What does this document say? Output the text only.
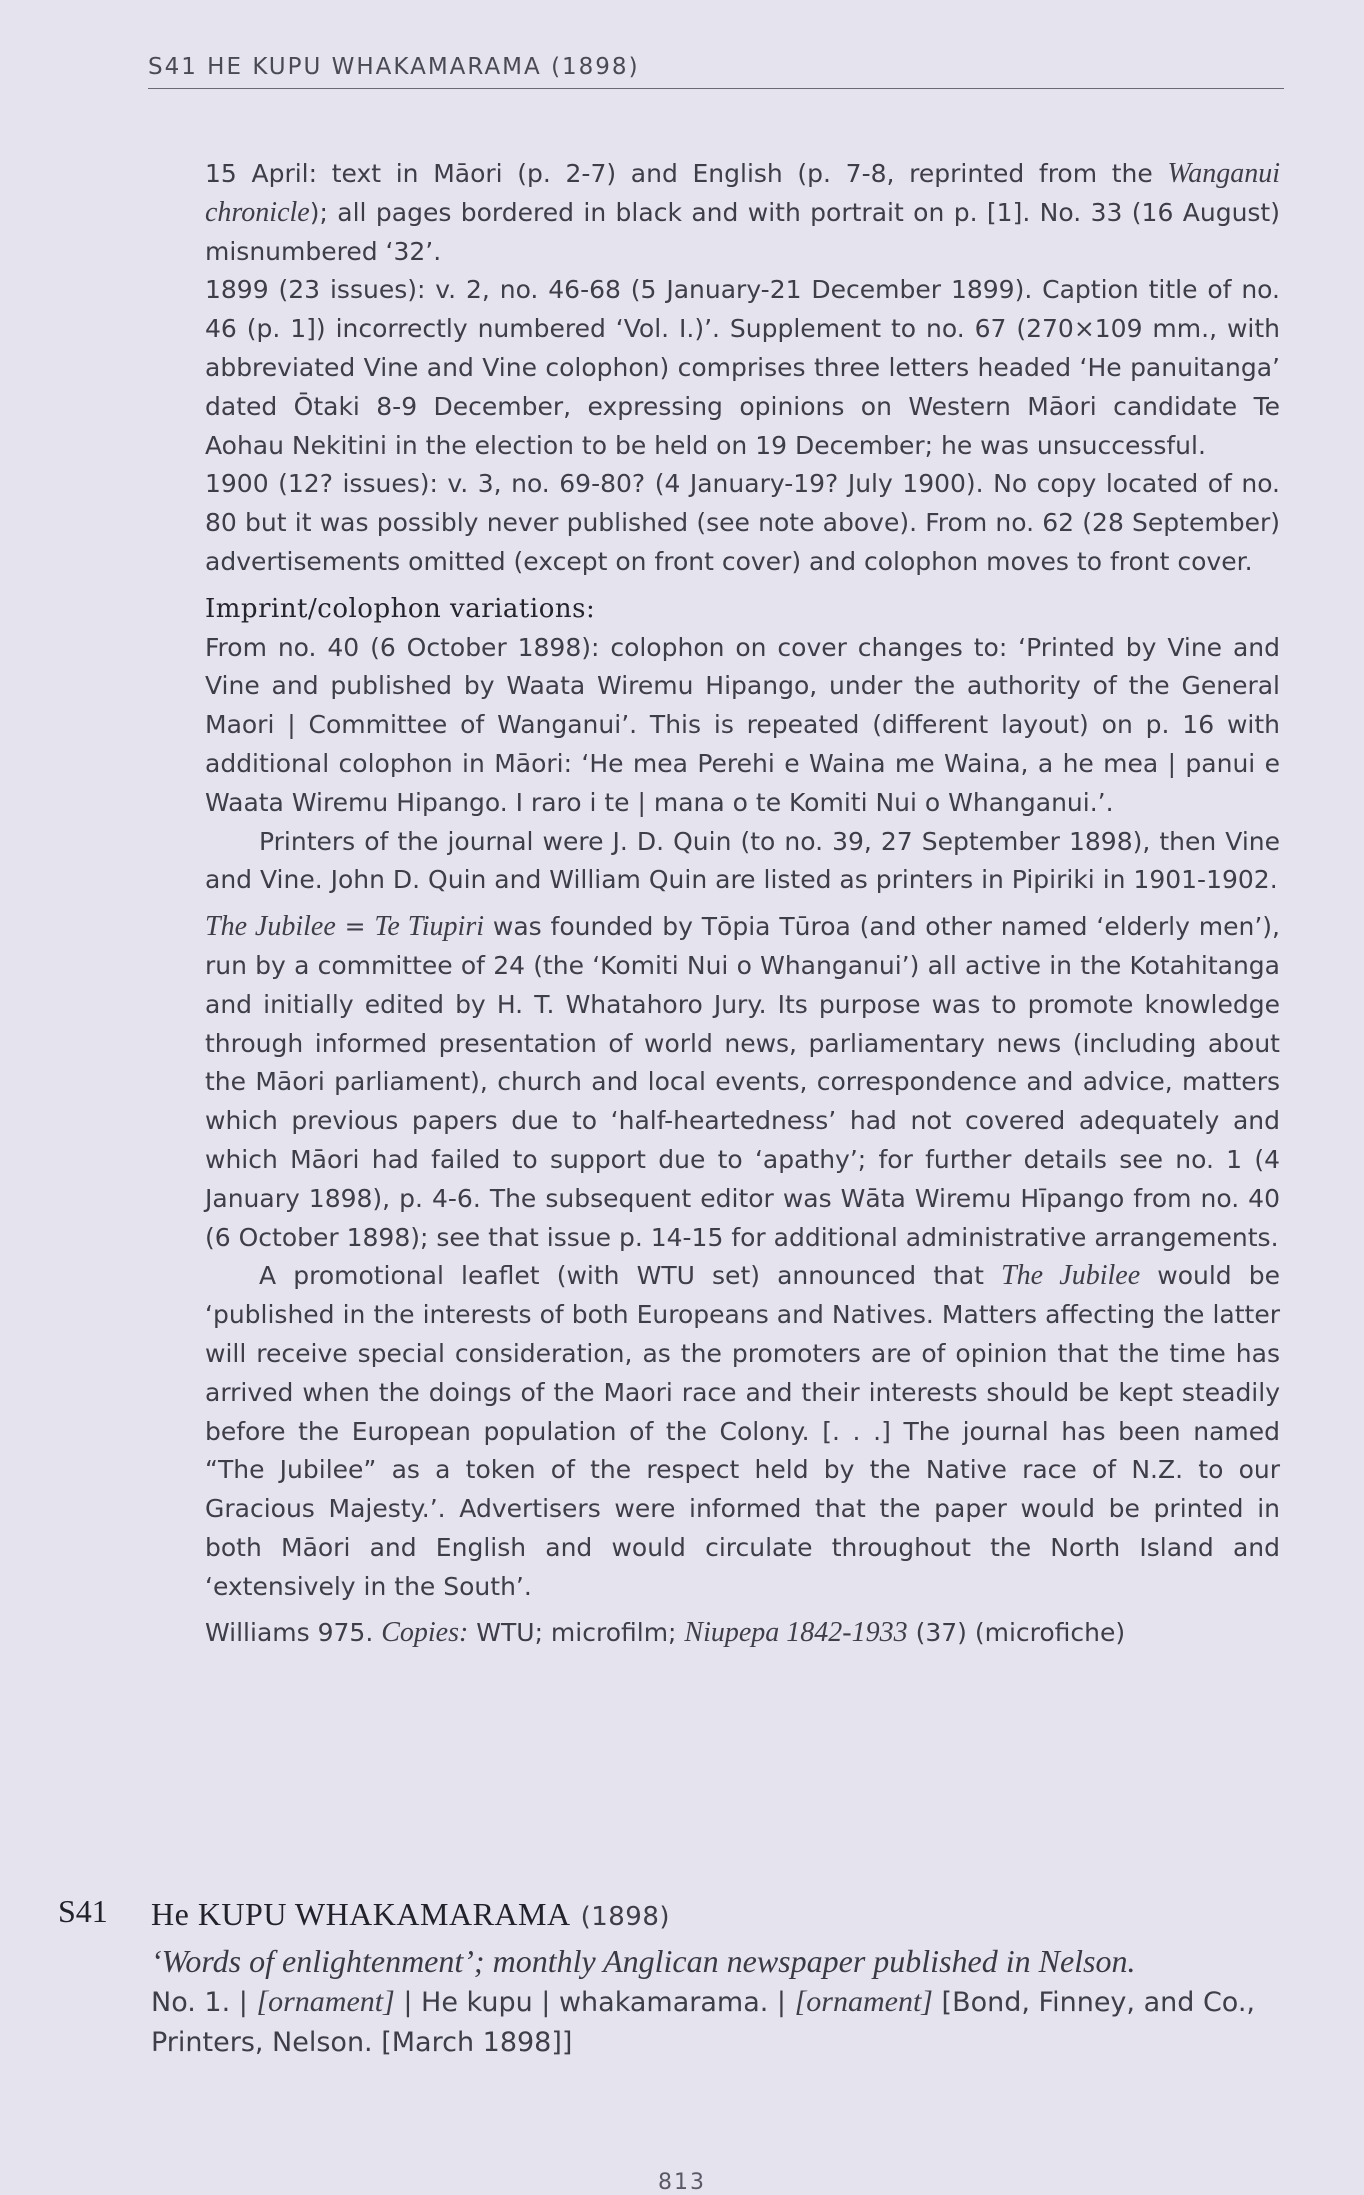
S41 HE KUPU WHAKAMARAMA (1898)

15 April: text in Māori (p. 2-7) and English (p. 7-8, reprinted from the Wanganui chronicle); all pages bordered in black and with portrait on p. [1]. No. 33 (16 August) misnumbered ‘32’.

1899 (23 issues): v. 2, no. 46-68 (5 January-21 December 1899). Caption title of no. 46 (p. 1]) incorrectly numbered ‘Vol. I.)’. Supplement to no. 67 (270×109 mm., with abbreviated Vine and Vine colophon) comprises three letters headed ‘He panuitanga’ dated Ōtaki 8-9 December, expressing opinions on Western Māori candidate Te Aohau Nekitini in the election to be held on 19 December; he was unsuccessful.

1900 (12? issues): v. 3, no. 69-80? (4 January-19? July 1900). No copy located of no. 80 but it was possibly never published (see note above). From no. 62 (28 September) advertisements omitted (except on front cover) and colophon moves to front cover.

Imprint/colophon variations:

From no. 40 (6 October 1898): colophon on cover changes to: ‘Printed by Vine and Vine and published by Waata Wiremu Hipango, under the authority of the General Maori | Committee of Wanganui’. This is repeated (different layout) on p. 16 with additional colophon in Māori: ‘He mea Perehi e Waina me Waina, a he mea | panui e Waata Wiremu Hipango. I raro i te | mana o te Komiti Nui o Whanganui.’.

Printers of the journal were J. D. Quin (to no. 39, 27 September 1898), then Vine and Vine. John D. Quin and William Quin are listed as printers in Pipiriki in 1901-1902.

The Jubilee = Te Tiupiri was founded by Tōpia Tūroa (and other named ‘elderly men’), run by a committee of 24 (the ‘Komiti Nui o Whanganui’) all active in the Kotahitanga and initially edited by H. T. Whatahoro Jury. Its purpose was to promote knowledge through informed presentation of world news, parliamentary news (including about the Māori parliament), church and local events, correspondence and advice, matters which previous papers due to ‘half-heartedness’ had not covered adequately and which Māori had failed to support due to ‘apathy’; for further details see no. 1 (4 January 1898), p. 4-6. The subsequent editor was Wāta Wiremu Hīpango from no. 40 (6 October 1898); see that issue p. 14-15 for additional administrative arrangements.

A promotional leaflet (with WTU set) announced that The Jubilee would be ‘published in the interests of both Europeans and Natives. Matters affecting the latter will receive special consideration, as the promoters are of opinion that the time has arrived when the doings of the Maori race and their interests should be kept steadily before the European population of the Colony. [. . .] The journal has been named “The Jubilee” as a token of the respect held by the Native race of N.Z. to our Gracious Majesty.’. Advertisers were informed that the paper would be printed in both Māori and English and would circulate throughout the North Island and ‘extensively in the South’.

Williams 975. Copies: WTU; microfilm; Niupepa 1842-1933 (37) (microfiche)

S41 He KUPU WHAKAMARAMA (1898)
‘Words of enlightenment’; monthly Anglican newspaper published in Nelson.
No. 1. | [ornament] | He kupu | whakamarama. | [ornament] [Bond, Finney, and Co., Printers, Nelson. [March 1898]]
813
